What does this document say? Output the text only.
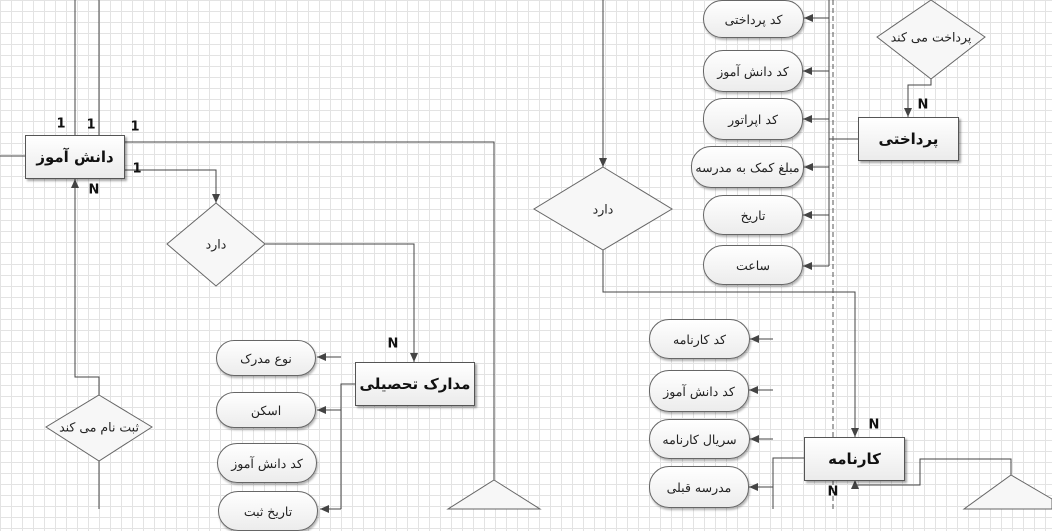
دانش آموز
مدارک تحصیلی
پرداختی
کارنامه
دارد
ثبت نام می کند
دارد
پرداخت می کند
نوع مدرک
اسکن
کد دانش آموز
تاریخ ثبت
کد پرداختی
کد دانش آموز
کد اپراتور
مبلغ کمک به مدرسه
تاریخ
ساعت
کد کارنامه
کد دانش آموز
سریال کارنامه
مدرسه قبلی
1 1	1
1
N
N
N
N
N
